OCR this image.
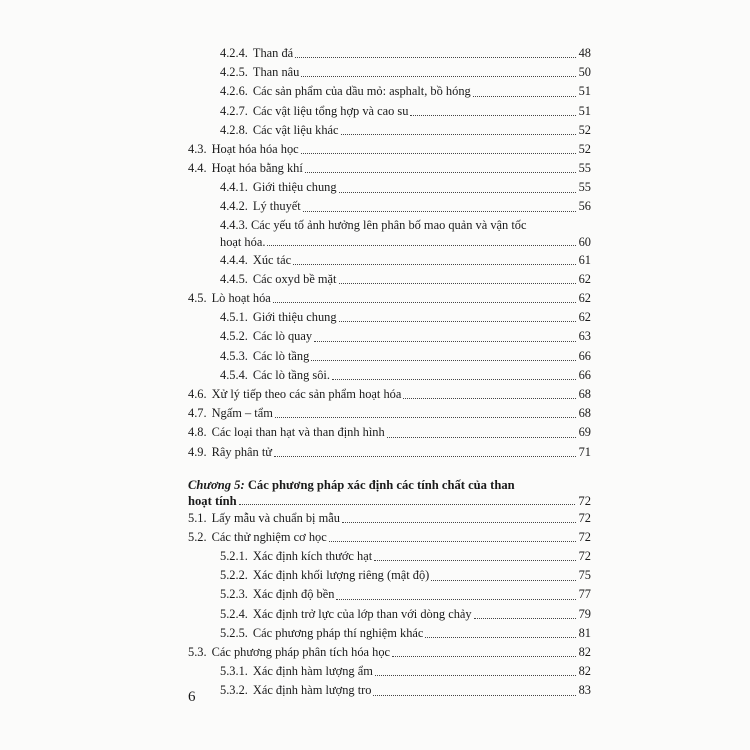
4.2.4. Than đá	48
4.2.5. Than nâu	50
4.2.6. Các sản phẩm của dầu mỏ: asphalt, bồ hóng	51
4.2.7. Các vật liệu tổng hợp và cao su	51
4.2.8. Các vật liệu khác	52
4.3. Hoạt hóa hóa học	52
4.4. Hoạt hóa bằng khí	55
4.4.1. Giới thiệu chung	55
4.4.2. Lý thuyết	56
4.4.3. Các yếu tố ảnh hưởng lên phân bố mao quản và vận tốc
hoạt hóa.	60
4.4.4. Xúc tác	61
4.4.5. Các oxyd bề mặt	62
4.5. Lò hoạt hóa	62
4.5.1. Giới thiệu chung	62
4.5.2. Các lò quay	63
4.5.3. Các lò tầng	66
4.5.4. Các lò tầng sôi.	66
4.6. Xử lý tiếp theo các sản phẩm hoạt hóa	68
4.7. Ngấm – tẩm	68
4.8. Các loại than hạt và than định hình	69
4.9. Rây phân tử	71
Chương 5: Các phương pháp xác định các tính chất của than
hoạt tính	72
5.1. Lấy mẫu và chuẩn bị mẫu	72
5.2. Các thử nghiệm cơ học	72
5.2.1. Xác định kích thước hạt	72
5.2.2. Xác định khối lượng riêng (mật độ)	75
5.2.3. Xác định độ bền	77
5.2.4. Xác định trở lực của lớp than với dòng chảy	79
5.2.5. Các phương pháp thí nghiệm khác	81
5.3. Các phương pháp phân tích hóa học	82
5.3.1. Xác định hàm lượng ẩm	82
5.3.2. Xác định hàm lượng tro	83
6
